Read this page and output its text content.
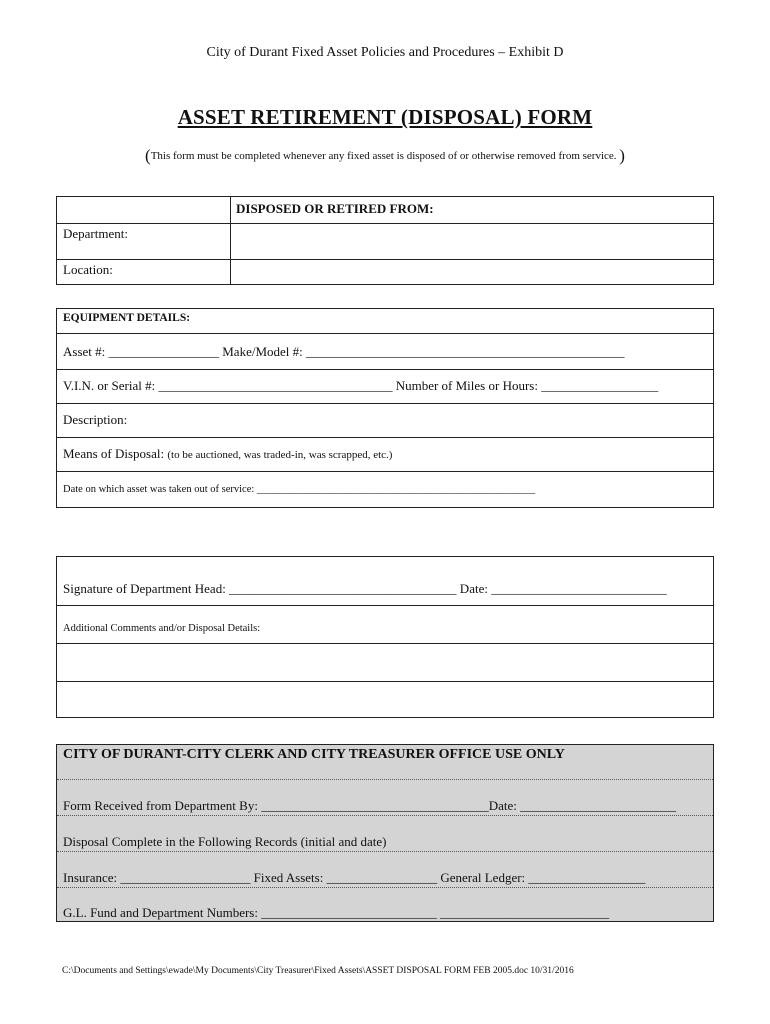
City of Durant Fixed Asset Policies and Procedures – Exhibit D
ASSET RETIREMENT (DISPOSAL) FORM
(This form must be completed whenever any fixed asset is disposed of or otherwise removed from service. )
DISPOSED OR RETIRED FROM:
Department:
Location:
EQUIPMENT DETAILS:
Asset #: _________________ Make/Model #: _________________________________________________
V.I.N. or Serial #: ____________________________________ Number of Miles or Hours: __________________
Description:
Means of Disposal: (to be auctioned, was traded-in, was scrapped, etc.)
Date on which asset was taken out of service: _____________________________________________________
Signature of Department Head: ___________________________________ Date: ___________________________
Additional Comments and/or Disposal Details:
CITY OF DURANT-CITY CLERK AND CITY TREASURER OFFICE USE ONLY
Form Received from Department By: ___________________________________Date: ________________________
Disposal Complete in the Following Records (initial and date)
Insurance: ____________________ Fixed Assets: _________________ General Ledger: __________________
G.L. Fund and Department Numbers: ___________________________ __________________________
C:\Documents and Settings\ewade\My Documents\City Treasurer\Fixed Assets\ASSET DISPOSAL FORM FEB 2005.doc 10/31/2016
